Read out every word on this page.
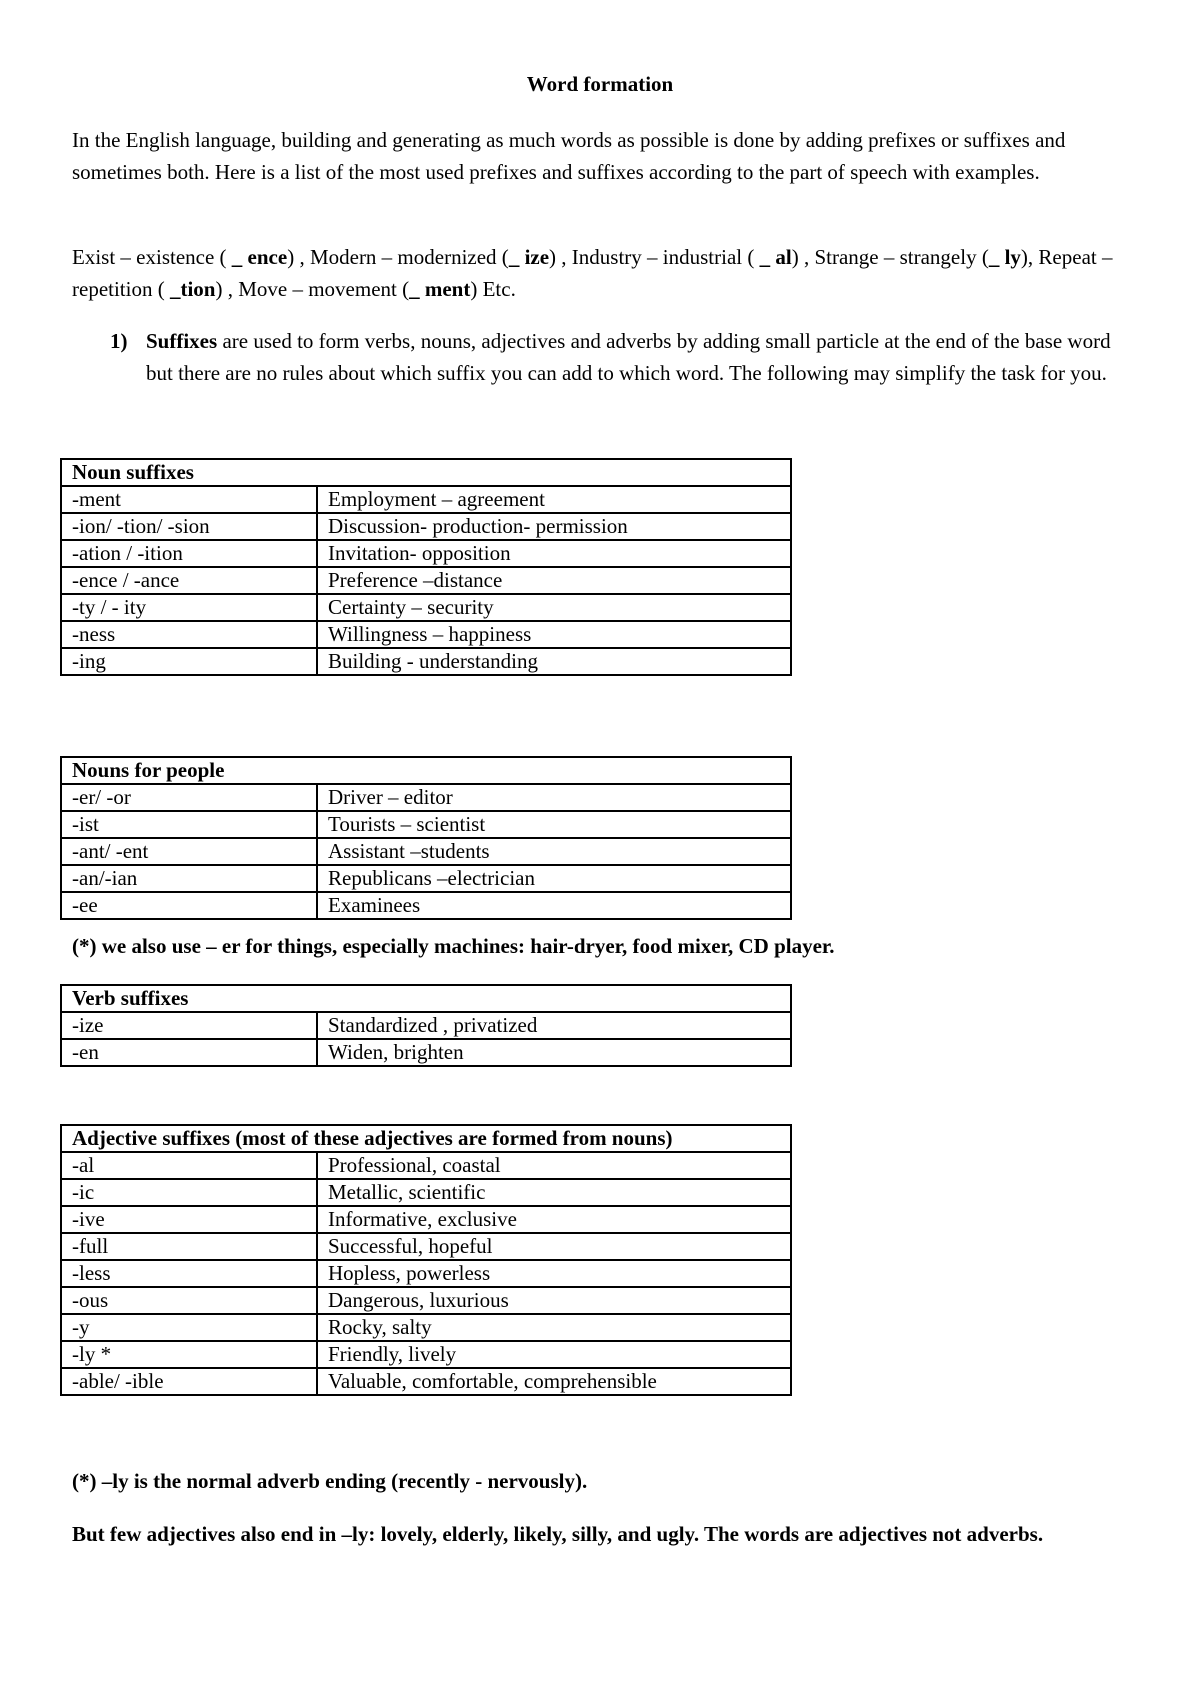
Word formation
In the English language, building and generating as much words as possible is done by adding prefixes or suffixes and sometimes both. Here is a list of the most used prefixes and suffixes according to the part of speech with examples.
Exist – existence ( _ ence) , Modern – modernized (_ ize) , Industry – industrial ( _ al) , Strange – strangely (_ ly), Repeat – repetition ( _tion) , Move – movement (_ ment) Etc.
1) Suffixes are used to form verbs, nouns, adjectives and adverbs by adding small particle at the end of the base word but there are no rules about which suffix you can add to which word. The following may simplify the task for you.
Noun suffixes	
-ment	Employment – agreement
-ion/ -tion/ -sion	Discussion- production- permission
-ation / -ition	Invitation- opposition
-ence / -ance	Preference –distance
-ty / - ity	Certainty – security
-ness	Willingness – happiness
-ing	Building - understanding
Nouns for people	
-er/ -or	Driver – editor
-ist	Tourists – scientist
-ant/ -ent	Assistant –students
-an/-ian	Republicans –electrician
-ee	Examinees
(*) we also use – er for things, especially machines: hair-dryer, food mixer, CD player.
Verb suffixes	
-ize	Standardized , privatized
-en	Widen, brighten
Adjective suffixes (most of these adjectives are formed from nouns)	
-al	Professional, coastal
-ic	Metallic, scientific
-ive	Informative, exclusive
-full	Successful, hopeful
-less	Hopless, powerless
-ous	Dangerous, luxurious
-y	Rocky, salty
-ly *	Friendly, lively
-able/ -ible	Valuable, comfortable, comprehensible
(*) –ly is the normal adverb ending (recently - nervously).
But few adjectives also end in –ly: lovely, elderly, likely, silly, and ugly. The words are adjectives not adverbs.
